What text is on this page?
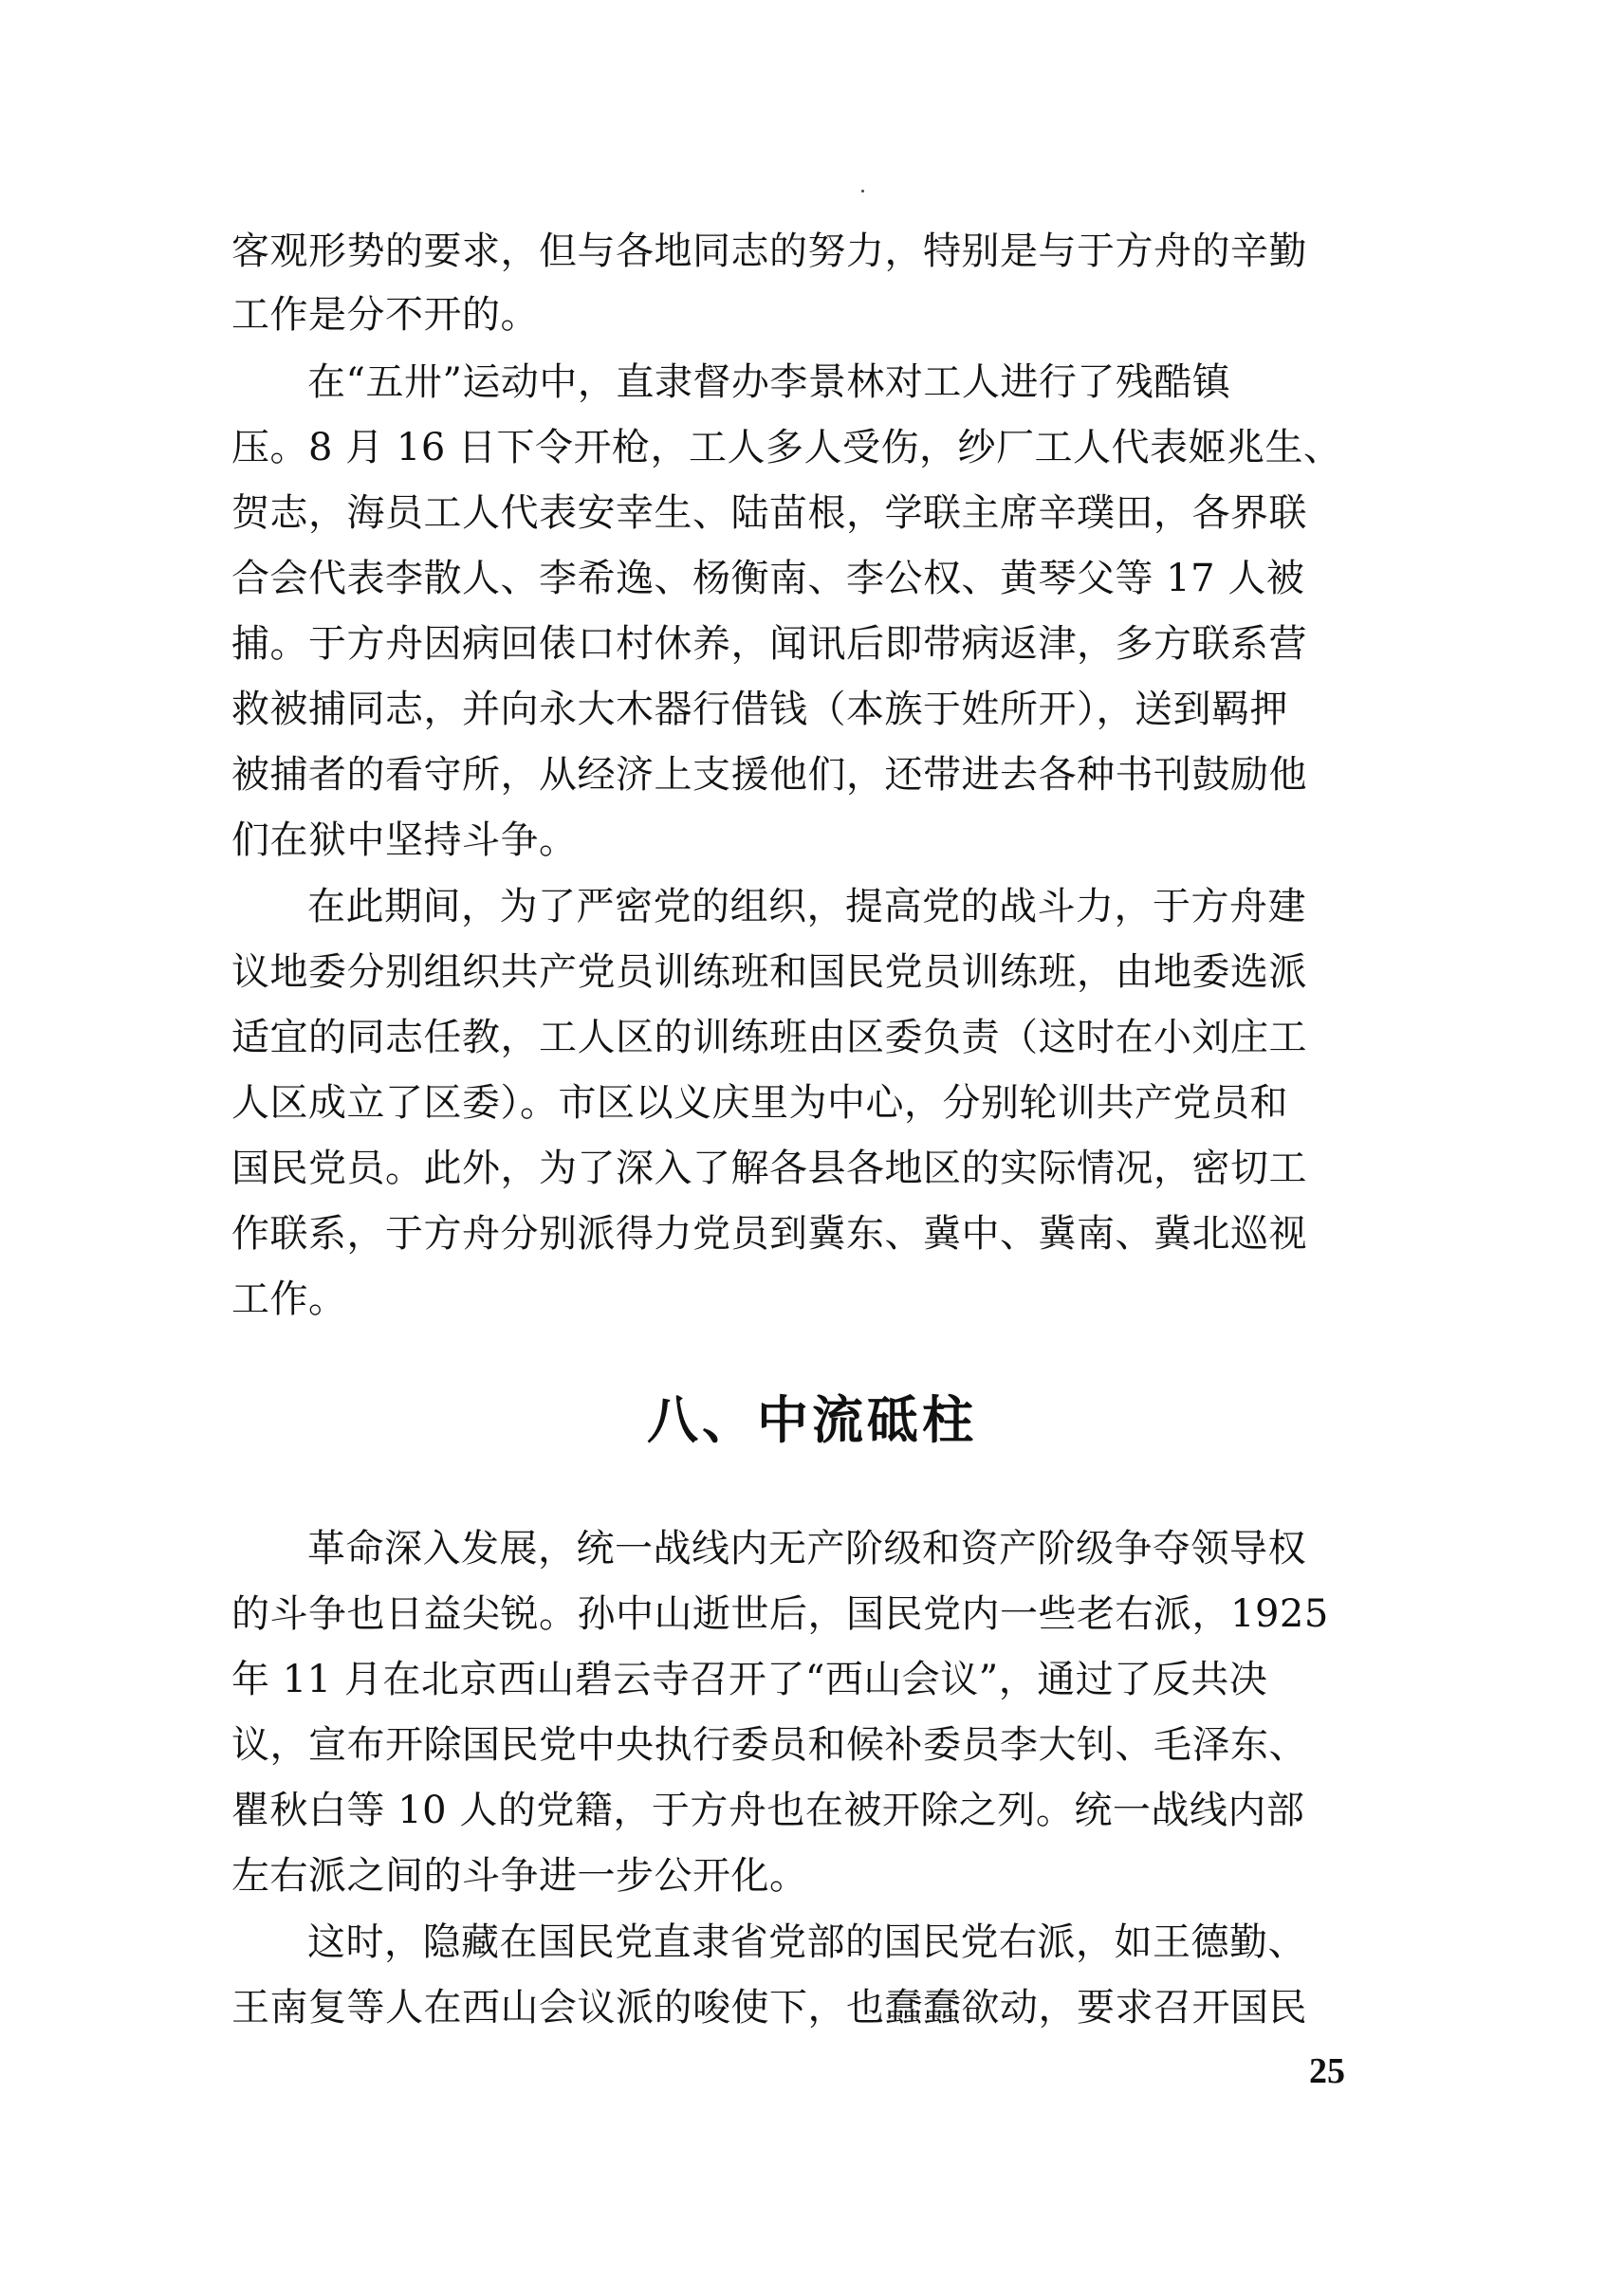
客观形势的要求，但与各地同志的努力，特别是与于方舟的辛勤
工作是分不开的。
在“五卅”运动中，直隶督办李景林对工人进行了残酷镇
压。8 月 16 日下令开枪，工人多人受伤，纱厂工人代表姬兆生、
贺志，海员工人代表安幸生、陆苗根，学联主席辛璞田，各界联
合会代表李散人、李希逸、杨衡南、李公权、黄琴父等 17 人被
捕。于方舟因病回俵口村休养，闻讯后即带病返津，多方联系营
救被捕同志，并向永大木器行借钱（本族于姓所开），送到羁押
被捕者的看守所，从经济上支援他们，还带进去各种书刊鼓励他
们在狱中坚持斗争。
在此期间，为了严密党的组织，提高党的战斗力，于方舟建
议地委分别组织共产党员训练班和国民党员训练班，由地委选派
适宜的同志任教，工人区的训练班由区委负责（这时在小刘庄工
人区成立了区委）。市区以义庆里为中心，分别轮训共产党员和
国民党员。此外，为了深入了解各县各地区的实际情况，密切工
作联系，于方舟分别派得力党员到冀东、冀中、冀南、冀北巡视
工作。
八、中流砥柱
革命深入发展，统一战线内无产阶级和资产阶级争夺领导权
的斗争也日益尖锐。孙中山逝世后，国民党内一些老右派，1925
年 11 月在北京西山碧云寺召开了“西山会议”，通过了反共决
议，宣布开除国民党中央执行委员和候补委员李大钊、毛泽东、
瞿秋白等 10 人的党籍，于方舟也在被开除之列。统一战线内部
左右派之间的斗争进一步公开化。
这时，隐藏在国民党直隶省党部的国民党右派，如王德勤、
王南复等人在西山会议派的唆使下，也蠢蠢欲动，要求召开国民
25
